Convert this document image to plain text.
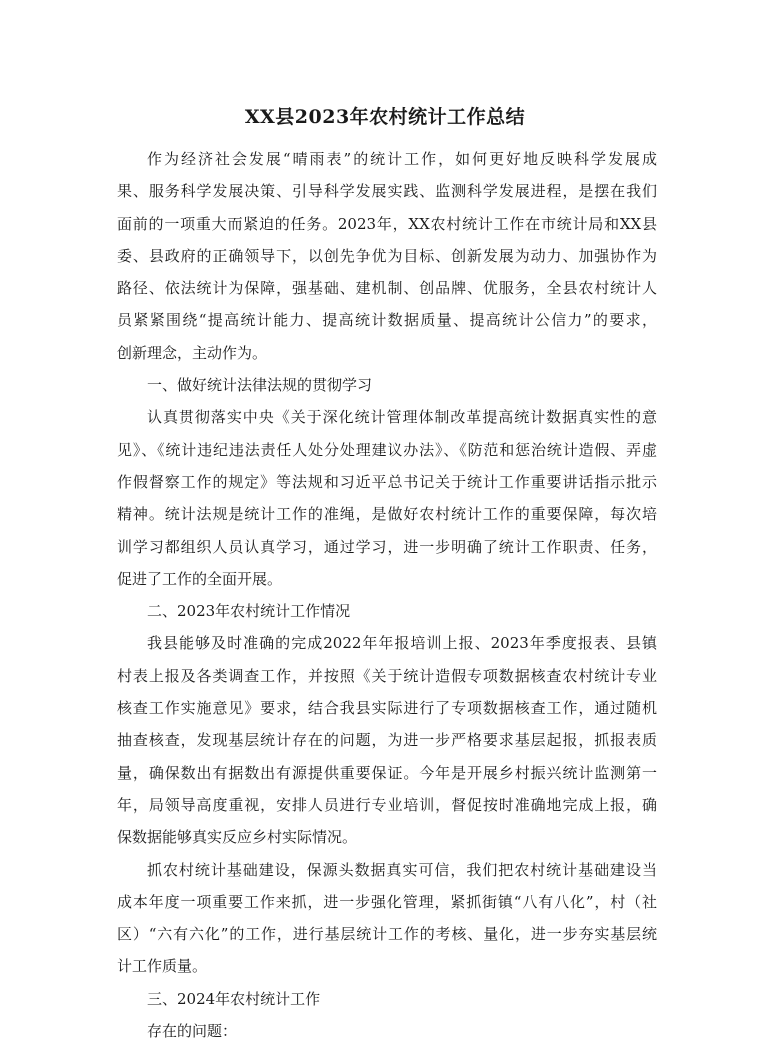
XX县2023年农村统计工作总结
作为经济社会发展“晴雨表”的统计工作，如何更好地反映科学发展成
果、服务科学发展决策、引导科学发展实践、监测科学发展进程，是摆在我们
面前的一项重大而紧迫的任务。2023年，XX农村统计工作在市统计局和XX县
委、县政府的正确领导下，以创先争优为目标、创新发展为动力、加强协作为
路径、依法统计为保障，强基础、建机制、创品牌、优服务，全县农村统计人
员紧紧围绕“提高统计能力、提高统计数据质量、提高统计公信力”的要求，
创新理念，主动作为。
一、做好统计法律法规的贯彻学习
认真贯彻落实中央《关于深化统计管理体制改革提高统计数据真实性的意
见》、《统计违纪违法责任人处分处理建议办法》、《防范和惩治统计造假、弄虚
作假督察工作的规定》等法规和习近平总书记关于统计工作重要讲话指示批示
精神。统计法规是统计工作的准绳，是做好农村统计工作的重要保障，每次培
训学习都组织人员认真学习，通过学习，进一步明确了统计工作职责、任务，
促进了工作的全面开展。
二、2023年农村统计工作情况
我县能够及时准确的完成2022年年报培训上报、2023年季度报表、县镇
村表上报及各类调查工作，并按照《关于统计造假专项数据核查农村统计专业
核查工作实施意见》要求，结合我县实际进行了专项数据核查工作，通过随机
抽查核查，发现基层统计存在的问题，为进一步严格要求基层起报，抓报表质
量，确保数出有据数出有源提供重要保证。今年是开展乡村振兴统计监测第一
年，局领导高度重视，安排人员进行专业培训，督促按时准确地完成上报，确
保数据能够真实反应乡村实际情况。
抓农村统计基础建设，保源头数据真实可信，我们把农村统计基础建设当
成本年度一项重要工作来抓，进一步强化管理，紧抓街镇“八有八化”，村（社
区）“六有六化”的工作，进行基层统计工作的考核、量化，进一步夯实基层统
计工作质量。
三、2024年农村统计工作
存在的问题：
